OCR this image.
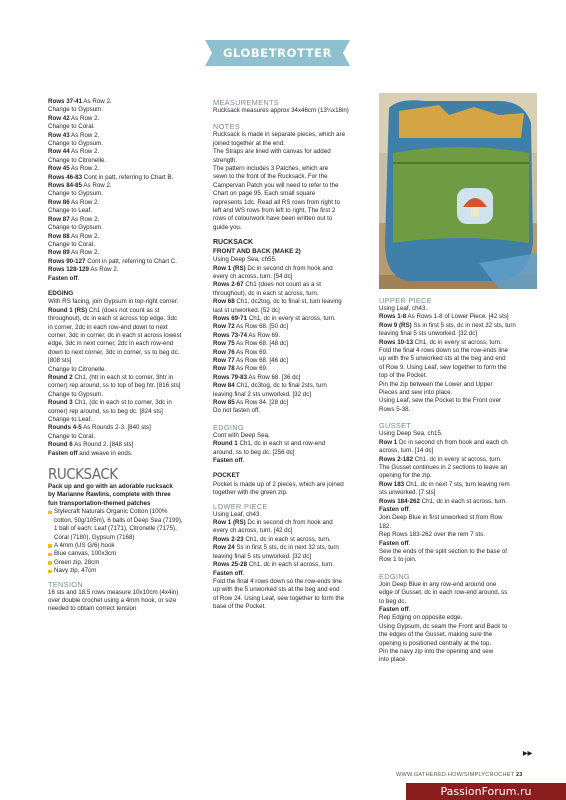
GLOBETROTTER COLLECTION
Rows 37-41 As Row 2.
Change to Gypsum.
Row 42 As Row 2.
Change to Coral.
Row 43 As Row 2.
Change to Gypsum.
Row 44 As Row 2.
Change to Citronelle.
Row 45 As Row 2.
Rows 46-83 Cont in patt, referring to Chart B.
Rows 84-85 As Row 2.
Change to Gypsum.
Row 86 As Row 2.
Change to Leaf.
Row 87 As Row 2.
Change to Gypsum.
Row 88 As Row 2.
Change to Coral.
Row 89 As Row 2.
Rows 90-127 Cont in patt, referring to Chart C.
Rows 128-129 As Row 2.
Fasten off.
EDGING
With RS facing, join Gypsum in top-right corner.
Round 1 (RS) Ch1 (does not count as st
throughout), dc in each st across top edge, 3dc
in corner, 2dc in each row-end down to next
corner, 3dc in corner, dc in each st across lowest
edge, 3dc in next corner, 2dc in each row-end
down to next corner, 3dc in corner, ss to beg dc.
[808 sts]
Change to Citronelle.
Round 2 Ch1, (htr in each st to corner, 3htr in
corner) rep around, ss to top of beg htr. [816 sts]
Change to Gypsum.
Round 3 Ch1, (dc in each st to corner, 3dc in
corner) rep around, ss to beg dc. [824 sts]
Change to Leaf.
Rounds 4-5 As Rounds 2-3. [840 sts]
Change to Coral.
Round 6 As Round 2. [848 sts]
Fasten off and weave in ends.
RUCKSACK
Pack up and go with an adorable rucksack
by Marianne Rawlins, complete with three
fun transportation-themed patches
Stylecraft Naturals Organic Cotton (100%
cotton, 50g/105m), 6 balls of Deep Sea (7199),
1 ball of each: Leaf (7171), Citronelle (7175),
Coral (7180), Gypsum (7168)
A 4mm (US G/6) hook
Blue canvas, 100x3cm
Green zip, 28cm
Navy zip, 47cm
TENSION
16 sts and 18.5 rows measure 10x10cm (4x4in)
over double crochet using a 4mm hook, or size
needed to obtain correct tension
MEASUREMENTS
Rucksack measures approx 34x46cm (13¼x18in)
NOTES
Rucksack is made in separate pieces, which are
joined together at the end.
The Straps are lined with canvas for added
strength.
The pattern includes 3 Patches, which are
sewn to the front of the Rucksack. For the
Campervan Patch you will need to refer to the
Chart on page 95. Each small square
represents 1dc. Read all RS rows from right to
left and WS rows from left to right. The first 2
rows of colourwork have been written out to
guide you.
RUCKSACK
FRONT AND BACK (MAKE 2)
Using Deep Sea, ch55.
Row 1 (RS) Dc in second ch from hook and
every ch across, turn. [54 dc]
Rows 2-67 Ch1 (does not count as a st
throughout), dc in each st across, turn.
Row 68 Ch1, dc2tog, dc to final st, turn leaving
last st unworked. [52 dc]
Rows 69-71 Ch1, dc in every st across, turn.
Row 72 As Row 68. [50 dc]
Rows 73-74 As Row 69.
Row 75 As Row 68. [48 dc]
Row 76 As Row 69.
Row 77 As Row 68. [46 dc]
Row 78 As Row 69.
Rows 79-83 As Row 68. [36 dc]
Row 84 Ch1, dc3tog, dc to final 2sts, turn
leaving final 2 sts unworked. [32 dc]
Row 85 As Row 84. [28 dc]
Do not fasten off.
EDGING
Cont with Deep Sea,
Round 1 Ch1, dc in each st and row-end
around, ss to beg dc. [256 dc]
Fasten off.
POCKET
Pocket is made up of 2 pieces, which are joined
together with the green zip.
LOWER PIECE
Using Leaf, ch43.
Row 1 (RS) Dc in second ch from hook and
every ch across, turn. [42 dc]
Rows 2-23 Ch1, dc in each st across, turn.
Row 24 Ss in first 5 sts, dc in next 32 sts, turn
leaving final 5 sts unworked. [32 dc]
Rows 25-28 Ch1, dc in each st across, turn.
Fasten off.
Fold the final 4 rows down so the row-ends line
up with the 5 unworked sts at the beg and end
of Row 24. Using Leaf, sew together to form the
base of the Pocket.
UPPER PIECE
Using Leaf, ch43.
Rows 1-8 As Rows 1-8 of Lower Piece. [42 sts]
Row 9 (RS) Ss in first 5 sts, dc in next 32 sts, turn
leaving final 5 sts unworked. [32 dc]
Rows 10-13 Ch1, dc in every st across, turn.
Fold the final 4 rows down so the row-ends line
up with the 5 unworked sts at the beg and end
of Row 9. Using Leaf, sew together to form the
top of the Pocket.
Pin the zip between the Lower and Upper
Pieces and sew into place.
Using Leaf, sew the Pocket to the Front over
Rows 5-38.
GUSSET
Using Deep Sea, ch15.
Row 1 Dc in second ch from hook and each ch
across, turn. [14 dc]
Rows 2-182 Ch1, dc in every st across, turn.
The Gusset continues in 2 sections to leave an
opening for the zip.
Row 183 Ch1, dc in next 7 sts, turn leaving rem
sts unworked. [7 sts]
Rows 184-262 Ch1, dc in each st across, turn.
Fasten off.
Join Deep Blue in first unworked st from Row
182.
Rep Rows 183-262 over the rem 7 sts.
Fasten off.
Sew the ends of the split section to the base of
Row 1 to join.
EDGING
Join Deep Blue in any row-end around one
edge of Gusset, dc in each row-end around, ss
to beg dc.
Fasten off.
Rep Edging on opposite edge.
Using Gypsum, dc seam the Front and Back to
the edges of the Gusset, making sure the
opening is positioned centrally at the top.
Pin the navy zip into the opening and sew
into place.
▶▶
WWW.GATHERED.HOW/SIMPLYCROCHET 23
PassionForum.ru
